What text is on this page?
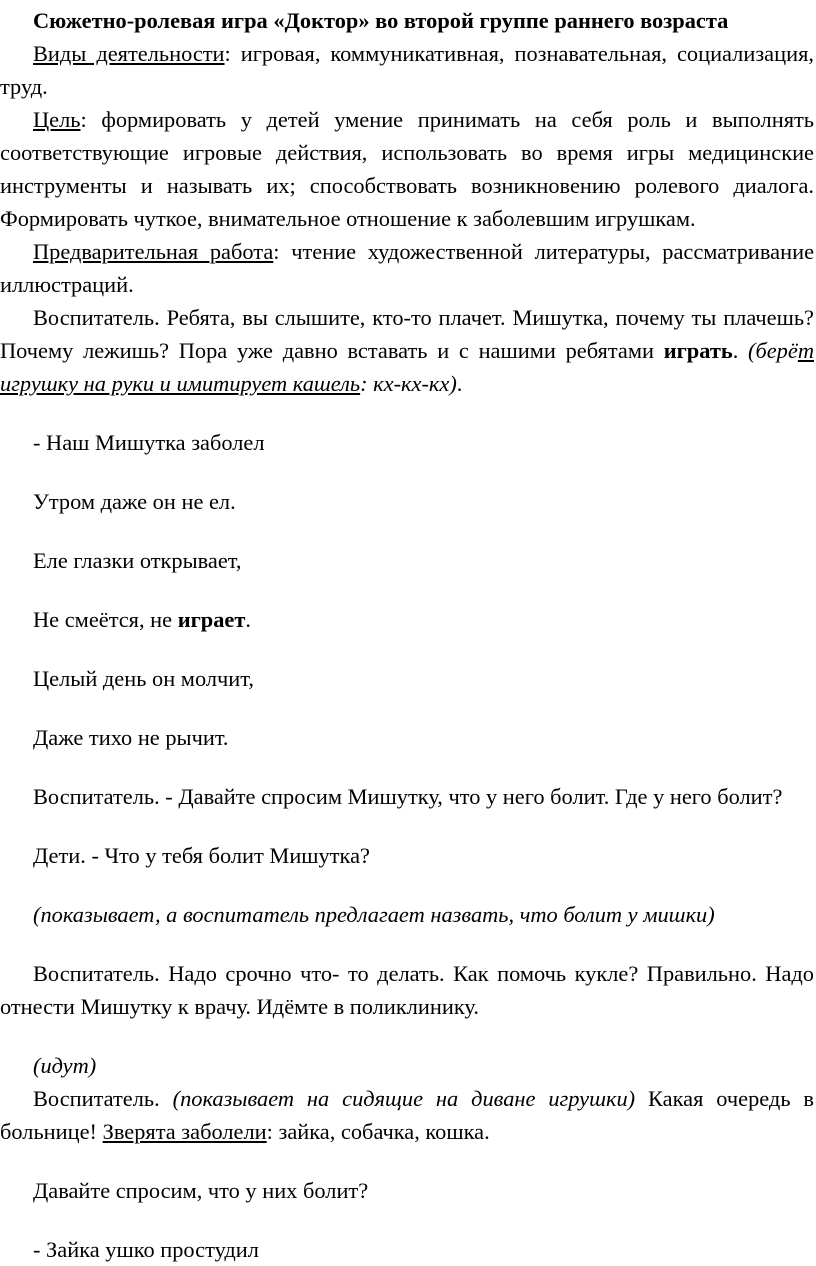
Сюжетно-ролевая игра «Доктор» во второй группе раннего возраста

Виды деятельности: игровая, коммуникативная, познавательная, социализация, труд.

Цель: формировать у детей умение принимать на себя роль и выполнять соответствующие игровые действия, использовать во время игры медицинские инструменты и называть их; способствовать возникновению ролевого диалога. Формировать чуткое, внимательное отношение к заболевшим игрушкам.

Предварительная работа: чтение художественной литературы, рассматривание иллюстраций.

Воспитатель. Ребята, вы слышите, кто-то плачет. Мишутка, почему ты плачешь? Почему лежишь? Пора уже давно вставать и с нашими ребятами играть. (берёт игрушку на руки и имитирует кашель: кх-кх-кх).

- Наш Мишутка заболел

Утром даже он не ел.

Еле глазки открывает,

Не смеётся, не играет.

Целый день он молчит,

Даже тихо не рычит.

Воспитатель. - Давайте спросим Мишутку, что у него болит. Где у него болит?

Дети. - Что у тебя болит Мишутка?

(показывает, а воспитатель предлагает назвать, что болит у мишки)

Воспитатель. Надо срочно что- то делать. Как помочь кукле? Правильно. Надо отнести Мишутку к врачу. Идёмте в поликлинику.

(идут)

Воспитатель. (показывает на сидящие на диване игрушки) Какая очередь в больнице! Зверята заболели: зайка, собачка, кошка.

Давайте спросим, что у них болит?

- Зайка ушко простудил
